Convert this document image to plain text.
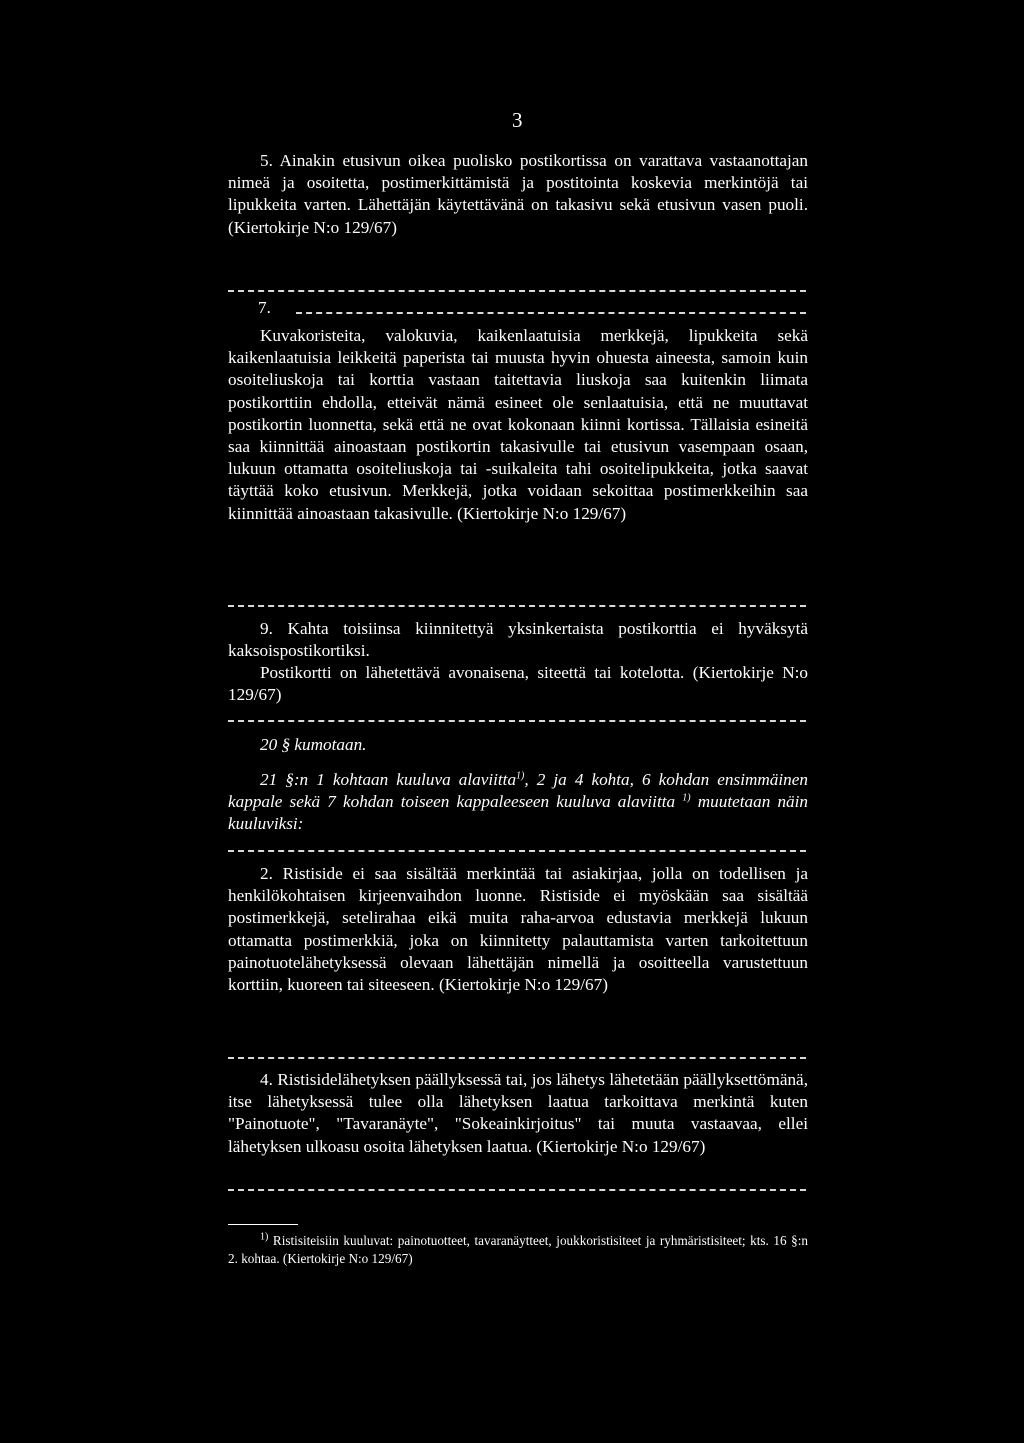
3

5. Ainakin etusivun oikea puolisko postikortissa on varattava vastaanottajan nimeä ja osoitetta, postimerkittämistä ja postitointa koskevia merkintöjä tai lipukkeita varten. Lähettäjän käytettävänä on takasivu sekä etusivun vasen puoli. (Kiertokirje N:o 129/67)

7.

Kuvakoristeita, valokuvia, kaikenlaatuisia merkkejä, lipukkeita sekä kaikenlaatuisia leikkeitä paperista tai muusta hyvin ohuesta aineesta, samoin kuin osoiteliuskoja tai korttia vastaan taitettavia liuskoja saa kuitenkin liimata postikorttiin ehdolla, etteivät nämä esineet ole senlaatuisia, että ne muuttavat postikortin luonnetta, sekä että ne ovat kokonaan kiinni kortissa. Tällaisia esineitä saa kiinnittää ainoastaan postikortin takasivulle tai etusivun vasempaan osaan, lukuun ottamatta osoiteliuskoja tai -suikaleita tahi osoitelipukkeita, jotka saavat täyttää koko etusivun. Merkkejä, jotka voidaan sekoittaa postimerkkeihin saa kiinnittää ainoastaan takasivulle. (Kiertokirje N:o 129/67)

9. Kahta toisiinsa kiinnitettyä yksinkertaista postikorttia ei hyväksytä kaksoispostikortiksi.

Postikortti on lähetettävä avonaisena, siteettä tai kotelotta. (Kiertokirje N:o 129/67)

20 § kumotaan.

21 §:n 1 kohtaan kuuluva alaviitta$^{1)}$, 2 ja 4 kohta, 6 kohdan ensimmäinen kappale sekä 7 kohdan toiseen kappaleeseen kuuluva alaviitta $^{1)}$ muutetaan näin kuuluviksi:

2. Ristiside ei saa sisältää merkintää tai asiakirjaa, jolla on todellisen ja henkilökohtaisen kirjeenvaihdon luonne. Ristiside ei myöskään saa sisältää postimerkkejä, setelirahaa eikä muita raha-arvoa edustavia merkkejä lukuun ottamatta postimerkkiä, joka on kiinnitetty palauttamista varten tarkoitettuun painotuotelähetyksessä olevaan lähettäjän nimellä ja osoitteella varustettuun korttiin, kuoreen tai siteeseen. (Kiertokirje N:o 129/67)

4. Ristisidelähetyksen päällyksessä tai, jos lähetys lähetetään päällyksettömänä, itse lähetyksessä tulee olla lähetyksen laatua tarkoittava merkintä kuten "Painotuote", "Tavaranäyte", "Sokeainkirjoitus" tai muuta vastaavaa, ellei lähetyksen ulkoasu osoita lähetyksen laatua. (Kiertokirje N:o 129/67)

$^{1)}$ Ristisiteisiin kuuluvat: painotuotteet, tavaranäytteet, joukkoristisiteet ja ryhmäristisiteet; kts. 16 §:n 2. kohtaa. (Kiertokirje N:o 129/67)
